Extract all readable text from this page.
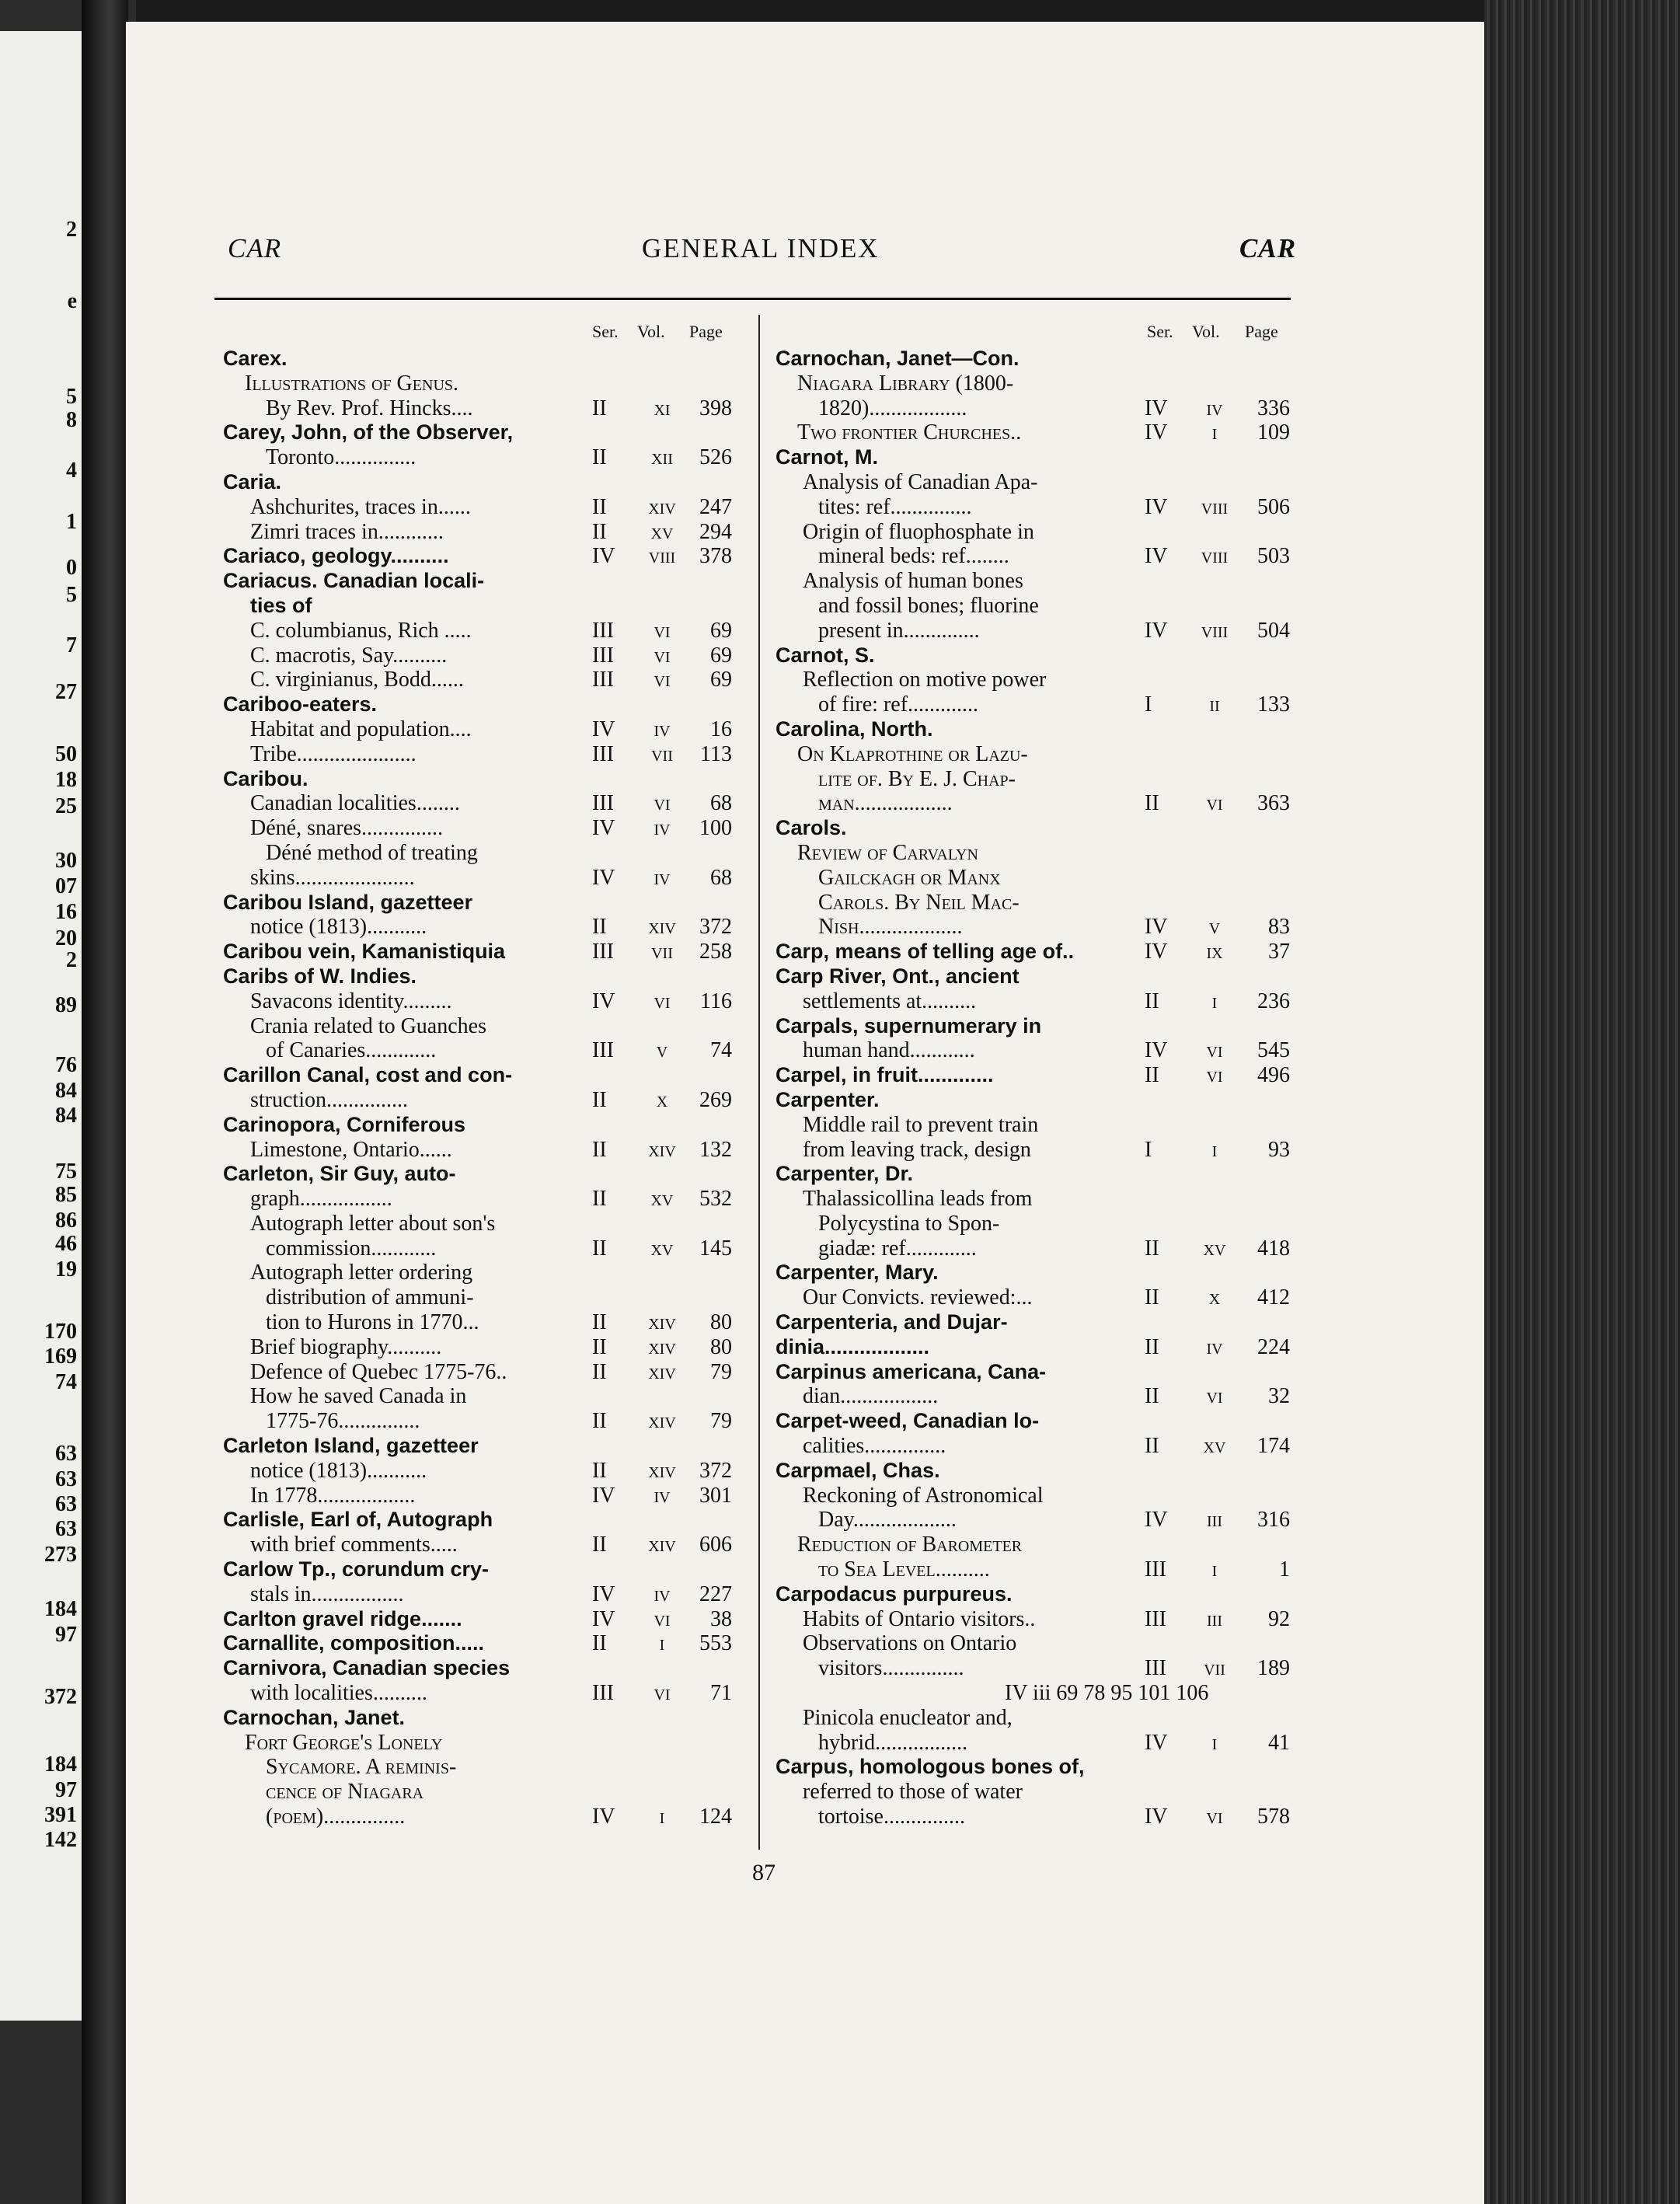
2
e
5
8
4
1
0
5
7
27
50
18
25
30
07
16
20
2
89
76
84
84
75
85
86
46
19
170
169
74
63
63
63
63
273
184
97
372
184
97
391
142
CAR	GENERAL INDEX	CAR
Ser. Vol. Page
Carex.
Illustrations of Genus.
By Rev. Prof. Hincks....	II	xi	398
Carey, John, of the Observer,
Toronto...............	II	xii	526
Caria.
Ashchurites, traces in......	II	xiv	247
Zimri traces in............	II	xv	294
Cariaco, geology..........	IV	viii	378
Cariacus. Canadian locali-
ties of
C. columbianus, Rich .....	III	vi	69
C. macrotis, Say..........	III	vi	69
C. virginianus, Bodd......	III	vi	69
Cariboo-eaters.
Habitat and population....	IV	iv	16
Tribe......................	III	vii	113
Caribou.
Canadian localities........	III	vi	68
Déné, snares...............	IV	iv	100
Déné method of treating
skins......................	IV	iv	68
Caribou Island, gazetteer
notice (1813)...........	II	xiv	372
Caribou vein, Kamanistiquia	III	vii	258
Caribs of W. Indies.
Savacons identity.........	IV	vi	116
Crania related to Guanches
of Canaries.............	III	v	74
Carillon Canal, cost and con-
struction...............	II	x	269
Carinopora, Corniferous
Limestone, Ontario......	II	xiv	132
Carleton, Sir Guy, auto-
graph.................	II	xv	532
Autograph letter about son's
commission............	II	xv	145
Autograph letter ordering
distribution of ammuni-
tion to Hurons in 1770...	II	xiv	80
Brief biography..........	II	xiv	80
Defence of Quebec 1775-76..	II	xiv	79
How he saved Canada in
1775-76...............	II	xiv	79
Carleton Island, gazetteer
notice (1813)...........	II	xiv	372
In 1778..................	IV	iv	301
Carlisle, Earl of, Autograph
with brief comments.....	II	xiv	606
Carlow Tp., corundum cry-
stals in.................	IV	iv	227
Carlton gravel ridge.......	IV	vi	38
Carnallite, composition.....	II	i	553
Carnivora, Canadian species
with localities..........	III	vi	71
Carnochan, Janet.
Fort George's Lonely
Sycamore. A reminis-
cence of Niagara
(poem)...............	IV	i	124
Ser. Vol. Page
Carnochan, Janet—Con.
Niagara Library (1800-
1820)..................	IV	iv	336
Two frontier Churches..	IV	i	109
Carnot, M.
Analysis of Canadian Apa-
tites: ref...............	IV	viii	506
Origin of fluophosphate in
mineral beds: ref........	IV	viii	503
Analysis of human bones
and fossil bones; fluorine
present in..............	IV	viii	504
Carnot, S.
Reflection on motive power
of fire: ref.............	I	ii	133
Carolina, North.
On Klaprothine or Lazu-
lite of. By E. J. Chap-
man..................	II	vi	363
Carols.
Review of Carvalyn
Gailckagh or Manx
Carols. By Neil Mac-
Nish...................	IV	v	83
Carp, means of telling age of..	IV	ix	37
Carp River, Ont., ancient
settlements at..........	II	i	236
Carpals, supernumerary in
human hand............	IV	vi	545
Carpel, in fruit.............	II	vi	496
Carpenter.
Middle rail to prevent train
from leaving track, design	I	i	93
Carpenter, Dr.
Thalassicollina leads from
Polycystina to Spon-
giadæ: ref.............	II	xv	418
Carpenter, Mary.
Our Convicts. reviewed:...	II	x	412
Carpenteria, and Dujar-
dinia..................	II	iv	224
Carpinus americana, Cana-
dian..................	II	vi	32
Carpet-weed, Canadian lo-
calities...............	II	xv	174
Carpmael, Chas.
Reckoning of Astronomical
Day...................	IV	iii	316
Reduction of Barometer
to Sea Level..........	III	i	1
Carpodacus purpureus.
Habits of Ontario visitors..	III	iii	92
Observations on Ontario
visitors...............	III	vii	189
IV iii 69 78 95 101 106
Pinicola enucleator and,
hybrid.................	IV	i	41
Carpus, homologous bones of,
referred to those of water
tortoise...............	IV	vi	578
87
